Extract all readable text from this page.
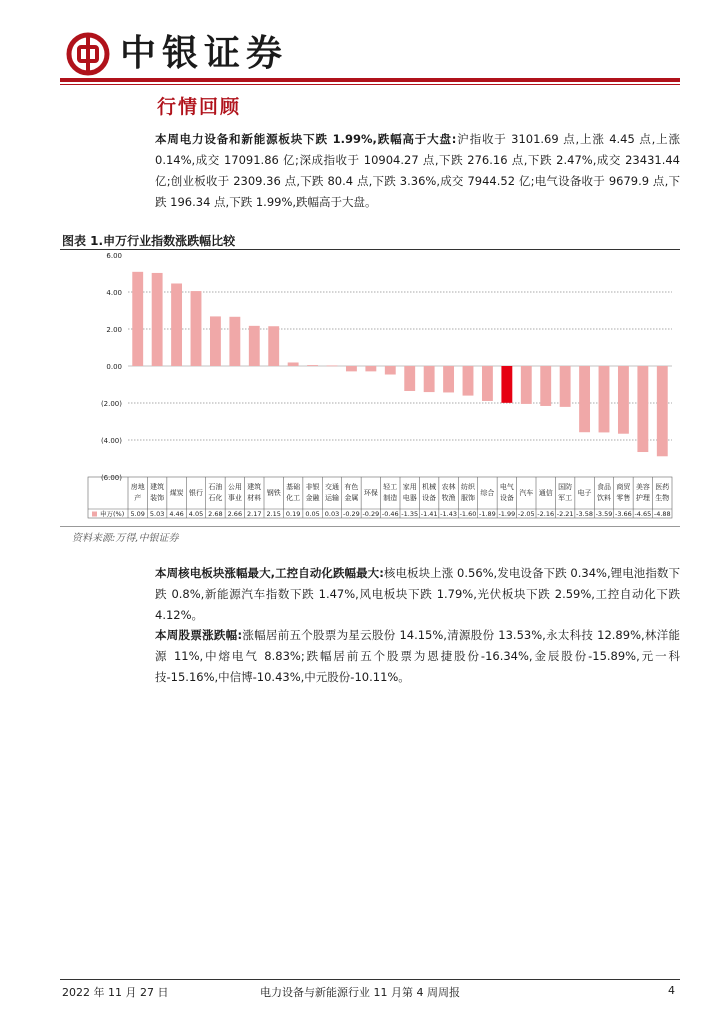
中银证券
行情回顾

本周电力设备和新能源板块下跌 1.99%,跌幅高于大盘:沪指收于 3101.69 点,上涨 4.45 点,上涨 0.14%,成交 17091.86 亿;深成指收于 10904.27 点,下跌 276.16 点,下跌 2.47%,成交 23431.44 亿;创业板收于 2309.36 点,下跌 80.4 点,下跌 3.36%,成交 7944.52 亿;电气设备收于 9679.9 点,下跌 196.34 点,下跌 1.99%,跌幅高于大盘。

图表 1.申万行业指数涨跌幅比较
6.00
4.00
2.00
0.00
(2.00)
(4.00)
(6.00)
房地
产
建筑
装饰
煤炭 银行
石油
石化
公用
事业
建筑
材料
钢铁
基础
化工
非银
金融
交通
运输
有色
金属
环保
轻工
制造
家用
电器
机械
设备
农林
牧渔
纺织
服饰
综合
电气
设备
汽车 通信
国防
军工
电子
食品
饮料
商贸
零售
美容
护理
医药
生物
5.09 5.03 4.46 4.05 2.68 2.66 2.17 2.15 0.19 0.05 0.03 -0.29 -0.29 -0.46 -1.35 -1.41 -1.43 -1.60 -1.89 -1.99 -2.05 -2.16 -2.21 -3.58 -3.59 -3.66 -4.65 -4.88
申万(%)
资料来源:万得,中银证券

本周核电板块涨幅最大,工控自动化跌幅最大:核电板块上涨 0.56%,发电设备下跌 0.34%,锂电池指数下跌 0.8%,新能源汽车指数下跌 1.47%,风电板块下跌 1.79%,光伏板块下跌 2.59%,工控自动化下跌 4.12%。

本周股票涨跌幅:涨幅居前五个股票为星云股份 14.15%,清源股份 13.53%,永太科技 12.89%,林洋能源 11%,中熔电气 8.83%;跌幅居前五个股票为恩捷股份-16.34%,金辰股份-15.89%,元一科技-15.16%,中信博-10.43%,中元股份-10.11%。

2022 年 11 月 27 日	电力设备与新能源行业 11 月第 4 周周报	4
